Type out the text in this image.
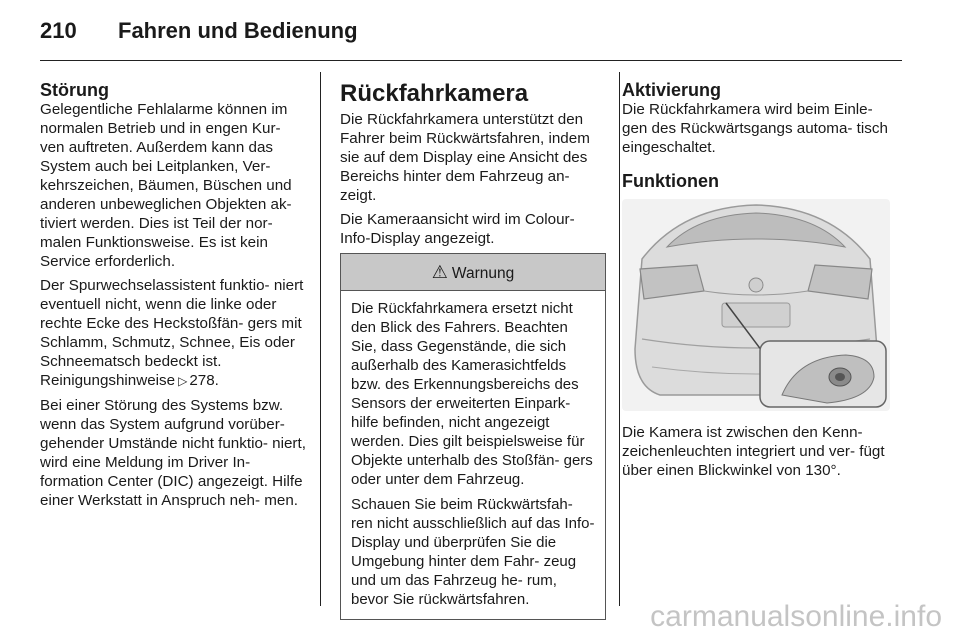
210 Fahren und Bedienung
Störung

Gelegentliche Fehlalarme können im normalen Betrieb und in engen Kur- ven auftreten. Außerdem kann das System auch bei Leitplanken, Ver- kehrszeichen, Bäumen, Büschen und anderen unbeweglichen Objekten ak- tiviert werden. Dies ist Teil der nor- malen Funktionsweise. Es ist kein Service erforderlich.

Der Spurwechselassistent funktio- niert eventuell nicht, wenn die linke oder rechte Ecke des Heckstoßfän- gers mit Schlamm, Schmutz, Schnee, Eis oder Schneematsch bedeckt ist. Reinigungshinweise ▷ 278.

Bei einer Störung des Systems bzw. wenn das System aufgrund vorüber- gehender Umstände nicht funktio- niert, wird eine Meldung im Driver In- formation Center (DIC) angezeigt. Hilfe einer Werkstatt in Anspruch neh- men.

Rückfahrkamera

Die Rückfahrkamera unterstützt den Fahrer beim Rückwärtsfahren, indem sie auf dem Display eine Ansicht des Bereichs hinter dem Fahrzeug an- zeigt.

Die Kameraansicht wird im Colour- Info-Display angezeigt.

⚠ Warnung

Die Rückfahrkamera ersetzt nicht den Blick des Fahrers. Beachten Sie, dass Gegenstände, die sich außerhalb des Kamerasichtfelds bzw. des Erkennungsbereichs des Sensors der erweiterten Einpark- hilfe befinden, nicht angezeigt werden. Dies gilt beispielsweise für Objekte unterhalb des Stoßfän- gers oder unter dem Fahrzeug.

Schauen Sie beim Rückwärtsfah- ren nicht ausschließlich auf das Info-Display und überprüfen Sie die Umgebung hinter dem Fahr- zeug und um das Fahrzeug he- rum, bevor Sie rückwärtsfahren.

Aktivierung

Die Rückfahrkamera wird beim Einle- gen des Rückwärtsgangs automa- tisch eingeschaltet.

Funktionen

Die Kamera ist zwischen den Kenn- zeichenleuchten integriert und ver- fügt über einen Blickwinkel von 130°.

carmanualsonline.info
